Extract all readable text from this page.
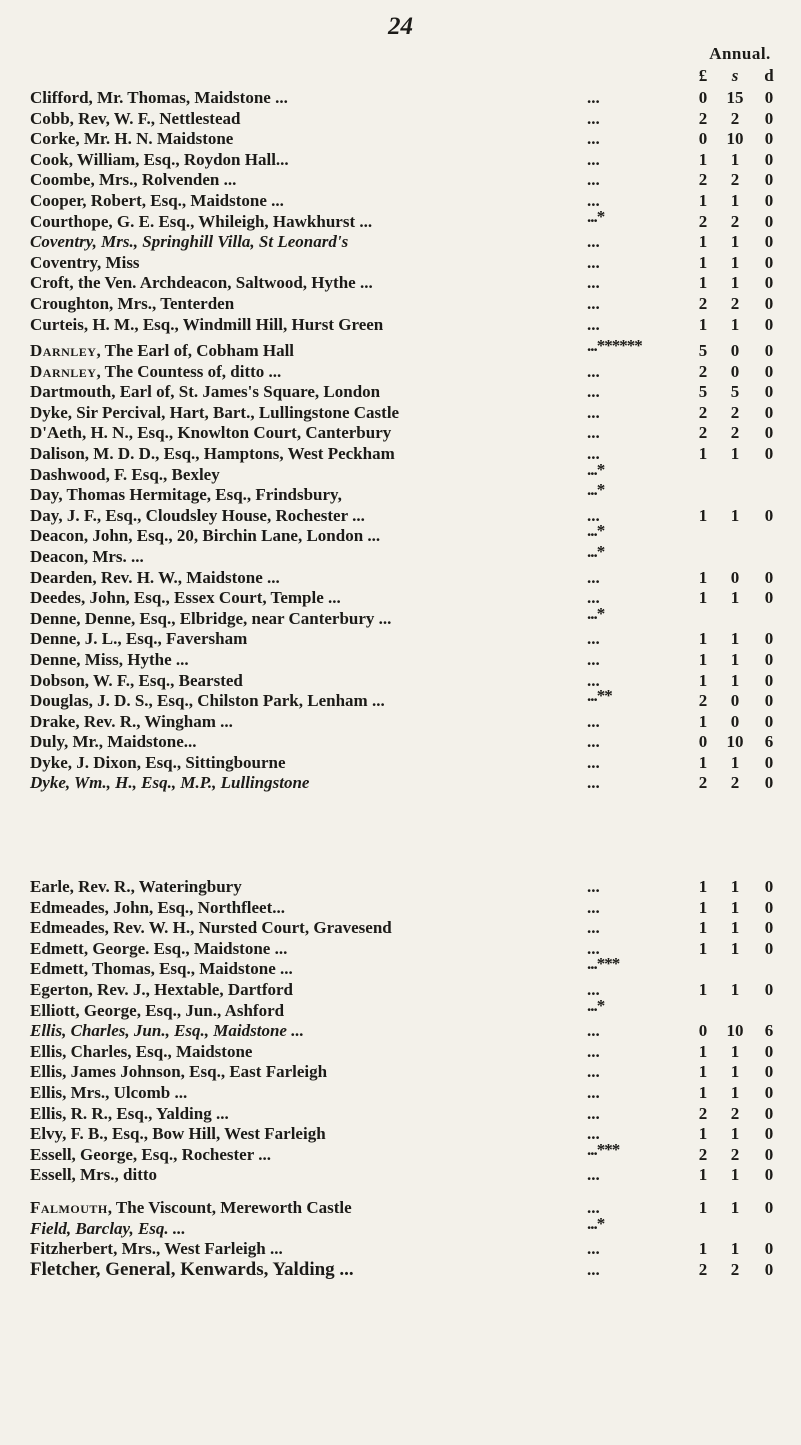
24
Annual.
£	s	d
Clifford, Mr. Thomas, Maidstone ...	...	0	15	0
Cobb, Rev, W. F., Nettlestead	...	2	2	0
Corke, Mr. H. N. Maidstone	...	0	10	0
Cook, William, Esq., Roydon Hall...	...	1	1	0
Coombe, Mrs., Rolvenden ...	...	2	2	0
Cooper, Robert, Esq., Maidstone ...	...	1	1	0
Courthope, G. E. Esq., Whileigh, Hawkhurst ...	...*	2	2	0
Coventry, Mrs., Springhill Villa, St Leonard's	...	1	1	0
Coventry, Miss	...	1	1	0
Croft, the Ven. Archdeacon, Saltwood, Hythe ...	...	1	1	0
Croughton, Mrs., Tenterden	...	2	2	0
Curteis, H. M., Esq., Windmill Hill, Hurst Green	...	1	1	0
Darnley, The Earl of, Cobham Hall	...******	5	0	0
Darnley, The Countess of, ditto ...	...	2	0	0
Dartmouth, Earl of, St. James's Square, London	...	5	5	0
Dyke, Sir Percival, Hart, Bart., Lullingstone Castle	...	2	2	0
D'Aeth, H. N., Esq., Knowlton Court, Canterbury	...	2	2	0
Dalison, M. D. D., Esq., Hamptons, West Peckham	...	1	1	0
Dashwood, F. Esq., Bexley	...*
Day, Thomas Hermitage, Esq., Frindsbury,	...*
Day, J. F., Esq., Cloudsley House, Rochester ...	...	1	1	0
Deacon, John, Esq., 20, Birchin Lane, London ...	...*
Deacon, Mrs. ...	...*
Dearden, Rev. H. W., Maidstone ...	...	1	0	0
Deedes, John, Esq., Essex Court, Temple ...	...	1	1	0
Denne, Denne, Esq., Elbridge, near Canterbury ...	...*
Denne, J. L., Esq., Faversham	...	1	1	0
Denne, Miss, Hythe ...	...	1	1	0
Dobson, W. F., Esq., Bearsted	...	1	1	0
Douglas, J. D. S., Esq., Chilston Park, Lenham ...	...**	2	0	0
Drake, Rev. R., Wingham ...	...	1	0	0
Duly, Mr., Maidstone...	...	0	10	6
Dyke, J. Dixon, Esq., Sittingbourne	...	1	1	0
Dyke, Wm., H., Esq., M.P., Lullingstone	...	2	2	0
Earle, Rev. R., Wateringbury	...	1	1	0
Edmeades, John, Esq., Northfleet...	...	1	1	0
Edmeades, Rev. W. H., Nursted Court, Gravesend	...	1	1	0
Edmett, George. Esq., Maidstone ...	...	1	1	0
Edmett, Thomas, Esq., Maidstone ...	...***
Egerton, Rev. J., Hextable, Dartford	...	1	1	0
Elliott, George, Esq., Jun., Ashford	...*
Ellis, Charles, Jun., Esq., Maidstone ...	...	0	10	6
Ellis, Charles, Esq., Maidstone	...	1	1	0
Ellis, James Johnson, Esq., East Farleigh	...	1	1	0
Ellis, Mrs., Ulcomb ...	...	1	1	0
Ellis, R. R., Esq., Yalding ...	...	2	2	0
Elvy, F. B., Esq., Bow Hill, West Farleigh	...	1	1	0
Essell, George, Esq., Rochester ...	...***	2	2	0
Essell, Mrs., ditto	...	1	1	0
Falmouth, The Viscount, Mereworth Castle	...	1	1	0
Field, Barclay, Esq. ...	...*
Fitzherbert, Mrs., West Farleigh ...	...	1	1	0
Fletcher, General, Kenwards, Yalding ...	...	2	2	0
